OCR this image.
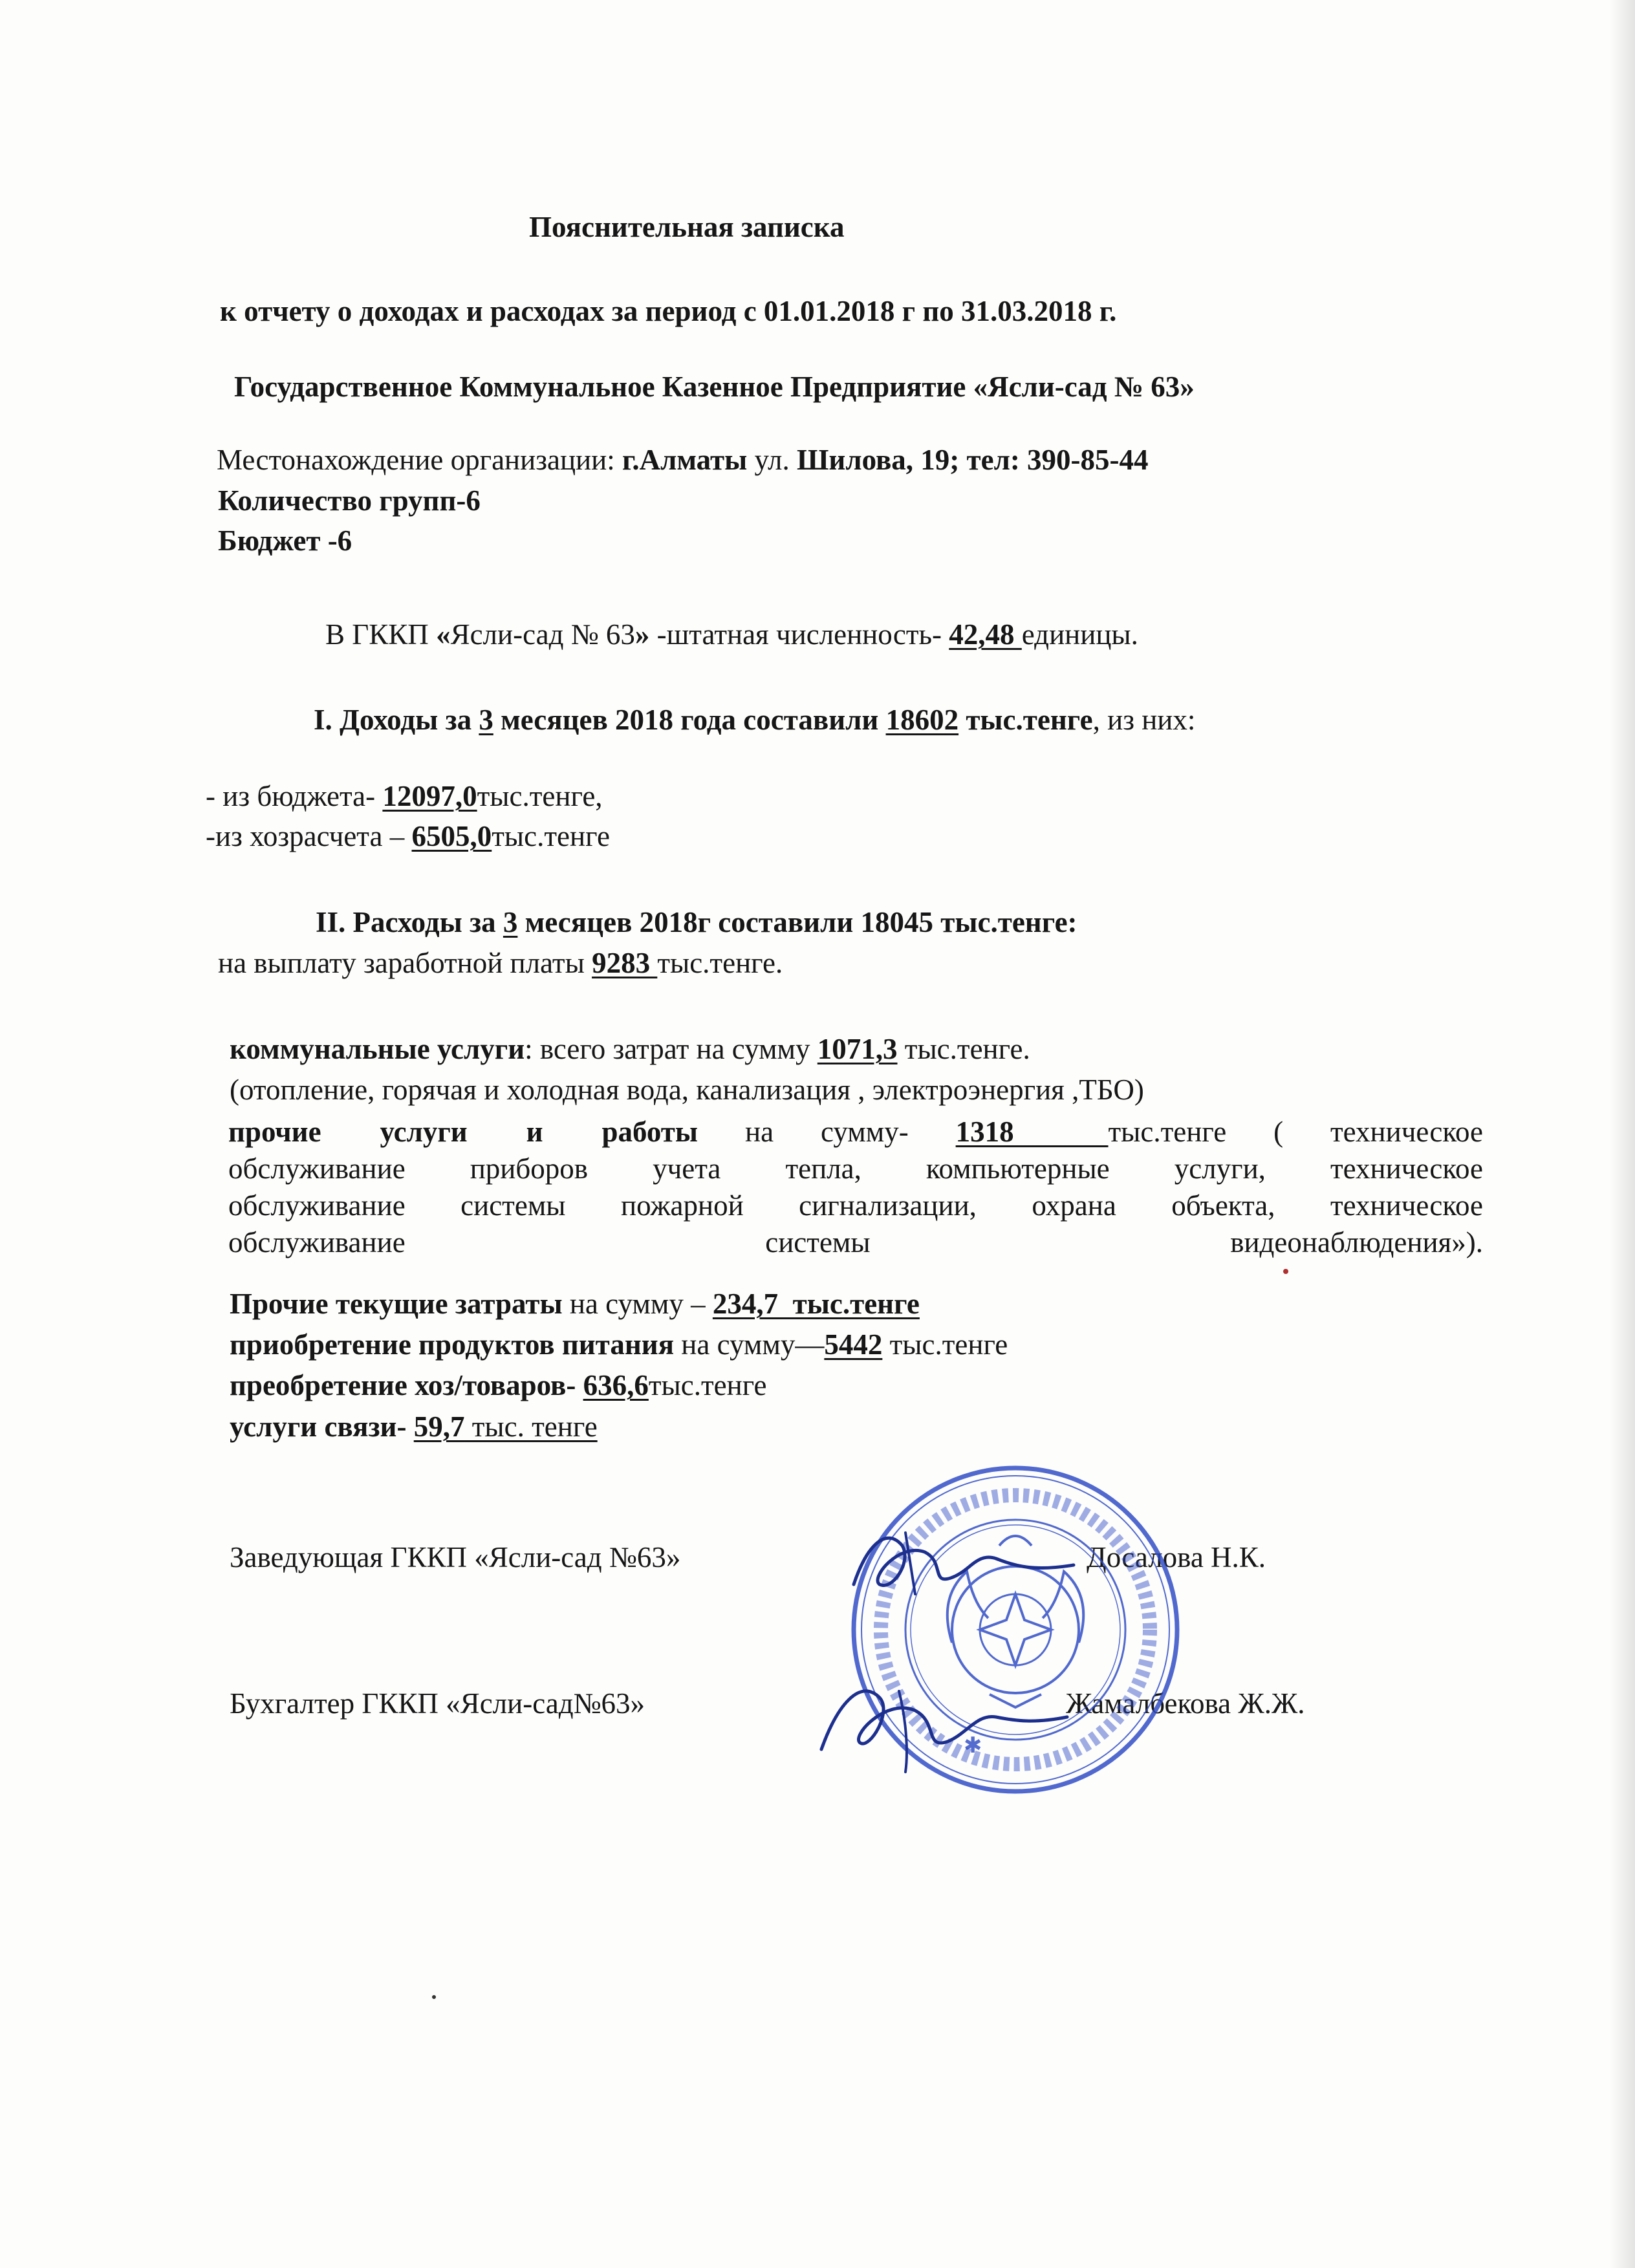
Пояснительная записка
к отчету о доходах и расходах за период с 01.01.2018 г по 31.03.2018 г.
Государственное Коммунальное Казенное Предприятие «Ясли-сад № 63»
Местонахождение организации: г.Алматы ул. Шилова, 19; тел: 390-85-44
Количество групп-6
Бюджет -6
В ГККП «Ясли-сад № 63» -штатная численность- 42,48 единицы.
I. Доходы за 3 месяцев 2018 года составили 18602 тыс.тенге, из них:
- из бюджета- 12097,0тыс.тенге,
-из хозрасчета – 6505,0тыс.тенге
II. Расходы за 3 месяцев 2018г составили 18045 тыс.тенге:
на выплату заработной платы 9283 тыс.тенге.
коммунальные услуги: всего затрат на сумму 1071,3 тыс.тенге.
(отопление, горячая и холодная вода, канализация , электроэнергия ,ТБО)
прочие услуги и работы на сумму- 1318  тыс.тенге ( техническое
обслуживание приборов учета тепла, компьютерные услуги, техническое
обслуживание системы пожарной сигнализации, охрана объекта, техническое
обслуживание системы видеонаблюдения»).
Прочие текущие затраты на сумму – 234,7  тыс.тенге
приобретение продуктов питания на сумму—5442 тыс.тенге
преобретение хоз/товаров- 636,6тыс.тенге
услуги связи- 59,7 тыс. тенге
Заведующая ГККП «Ясли-сад №63»	Досалова Н.К.
Бухгалтер ГККП «Ясли-сад№63»	Жамалбекова Ж.Ж.
✱
